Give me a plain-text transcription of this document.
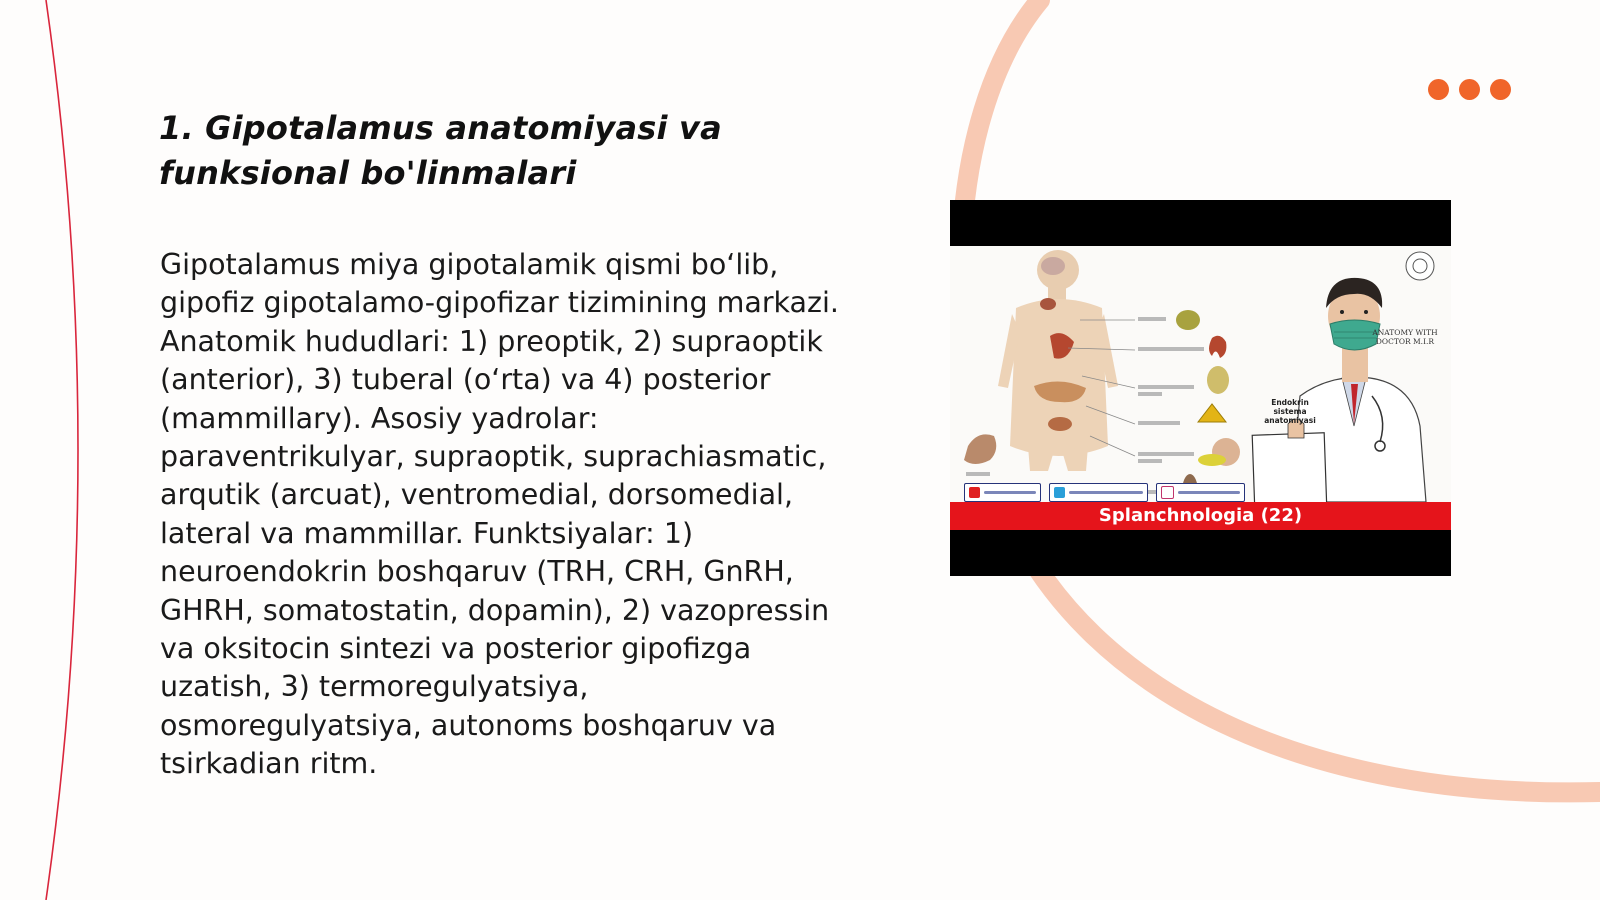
1. Gipotalamus anatomiyasi va funksional bo'linmalari

Gipotalamus miya gipotalamik qismi bo‘lib, gipofiz gipotalamo-gipofizar tizimining markazi. Anatomik hududlari: 1) preoptik, 2) supraoptik (anterior), 3) tuberal (o‘rta) va 4) posterior (mammillary). Asosiy yadrolar: paraventrikulyar, supraoptik, suprachiasmatic, arqutik (arcuat), ventromedial, dorsomedial, lateral va mammillar. Funktsiyalar: 1) neuroendokrin boshqaruv (TRH, CRH, GnRH, GHRH, somatostatin, dopamin), 2) vazopressin va oksitocin sintezi va posterior gipofizga uzatish, 3) termoregulyatsiya, osmoregulyatsiya, autonoms boshqaruv va tsirkadian ritm.

ANATOMY WITH DOCTOR M.I.R
Endokrin sistema anatomiyasi
Splanchnologia (22)
